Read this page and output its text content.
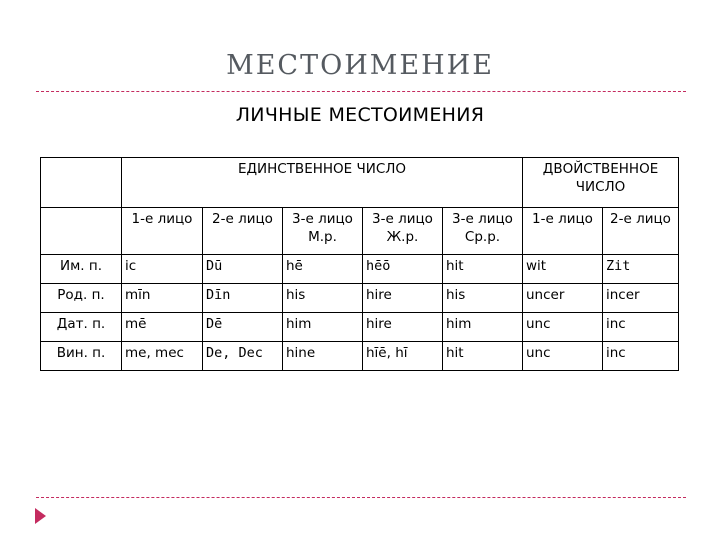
МЕСТОИМЕНИЕ
ЛИЧНЫЕ МЕСТОИМЕНИЯ
	ЕДИНСТВЕННОЕ ЧИСЛО					ДВОЙСТВЕННОЕ ЧИСЛО	
	1-е лицо	2-е лицо	3-е лицо М.р.	3-е лицо Ж.р.	3-е лицо Ср.р.	1-е лицо	2-е лицо
Им. п.	ic	Dū	hē	hēō	hit	wit	Zit
Род. п.	mīn	Dīn	his	hire	his	uncer	incer
Дат. п.	mē	Dē	him	hire	him	unc	inc
Вин. п.	me, mec	De, Dec	hine	hīē, hī	hit	unc	inc
